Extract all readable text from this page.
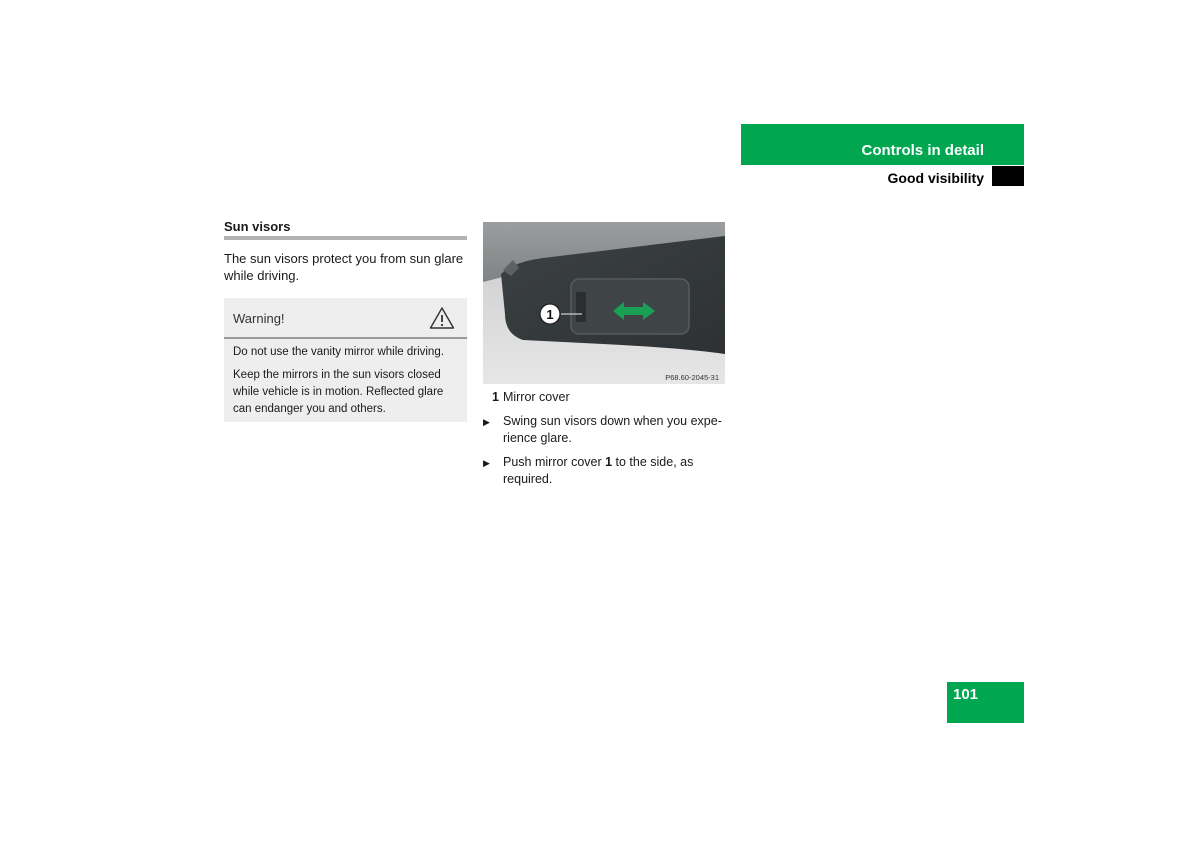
Controls in detail
Good visibility
Sun visors
The sun visors protect you from sun glare while driving.
Warning!
Do not use the vanity mirror while driving.
Keep the mirrors in the sun visors closed while vehicle is in motion. Reflected glare can endanger you and others.
1
P68.60-2045-31
1 Mirror cover
▶ Swing sun visors down when you expe-rience glare.
▶ Push mirror cover 1 to the side, as required.
101
